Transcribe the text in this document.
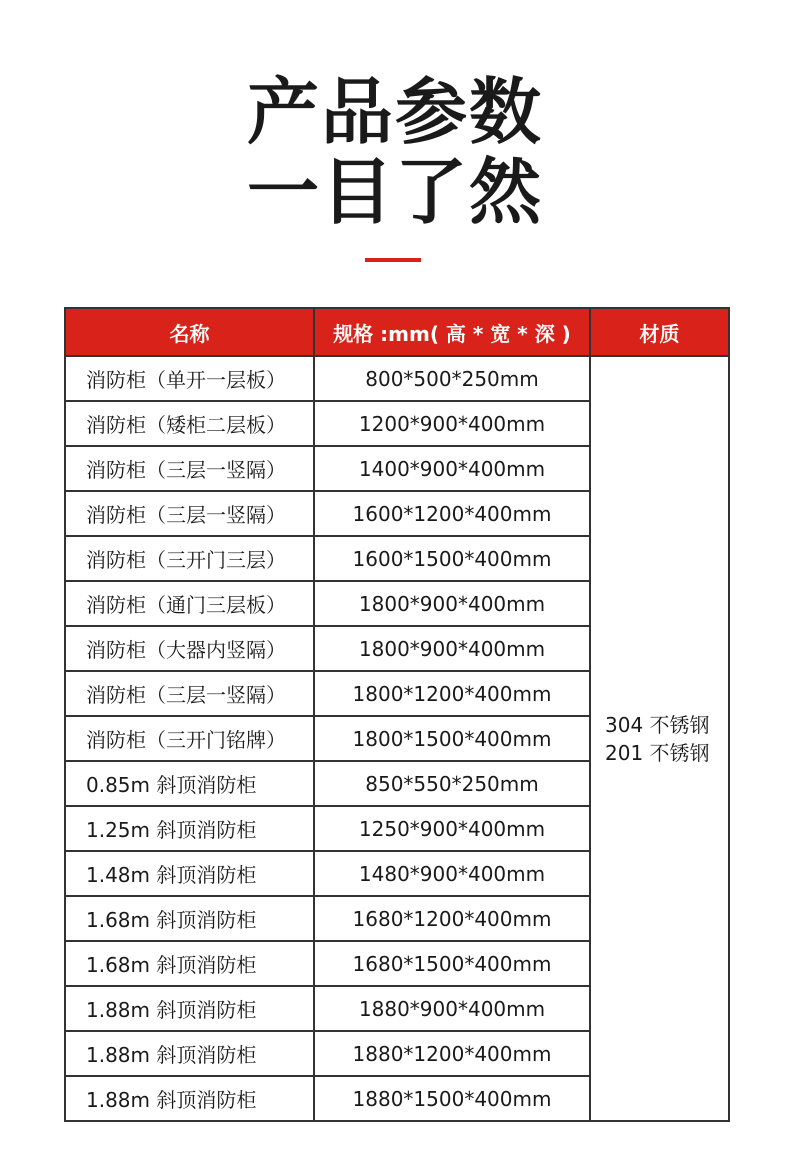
产品参数
一目了然
名称	规格 :mm( 高 * 宽 * 深 )	材质
消防柜（单开一层板）	800*500*250mm	304 不锈钢
201 不锈钢

消防柜（矮柜二层板）	1200*900*400mm	
消防柜（三层一竖隔）	1400*900*400mm	
消防柜（三层一竖隔）	1600*1200*400mm	
消防柜（三开门三层）	1600*1500*400mm	
消防柜（通门三层板）	1800*900*400mm	
消防柜（大器内竖隔）	1800*900*400mm	
消防柜（三层一竖隔）	1800*1200*400mm	
消防柜（三开门铭牌）	1800*1500*400mm	
0.85m 斜顶消防柜	850*550*250mm	
1.25m 斜顶消防柜	1250*900*400mm	
1.48m 斜顶消防柜	1480*900*400mm	
1.68m 斜顶消防柜	1680*1200*400mm	
1.68m 斜顶消防柜	1680*1500*400mm	
1.88m 斜顶消防柜	1880*900*400mm	
1.88m 斜顶消防柜	1880*1200*400mm	
1.88m 斜顶消防柜	1880*1500*400mm	
